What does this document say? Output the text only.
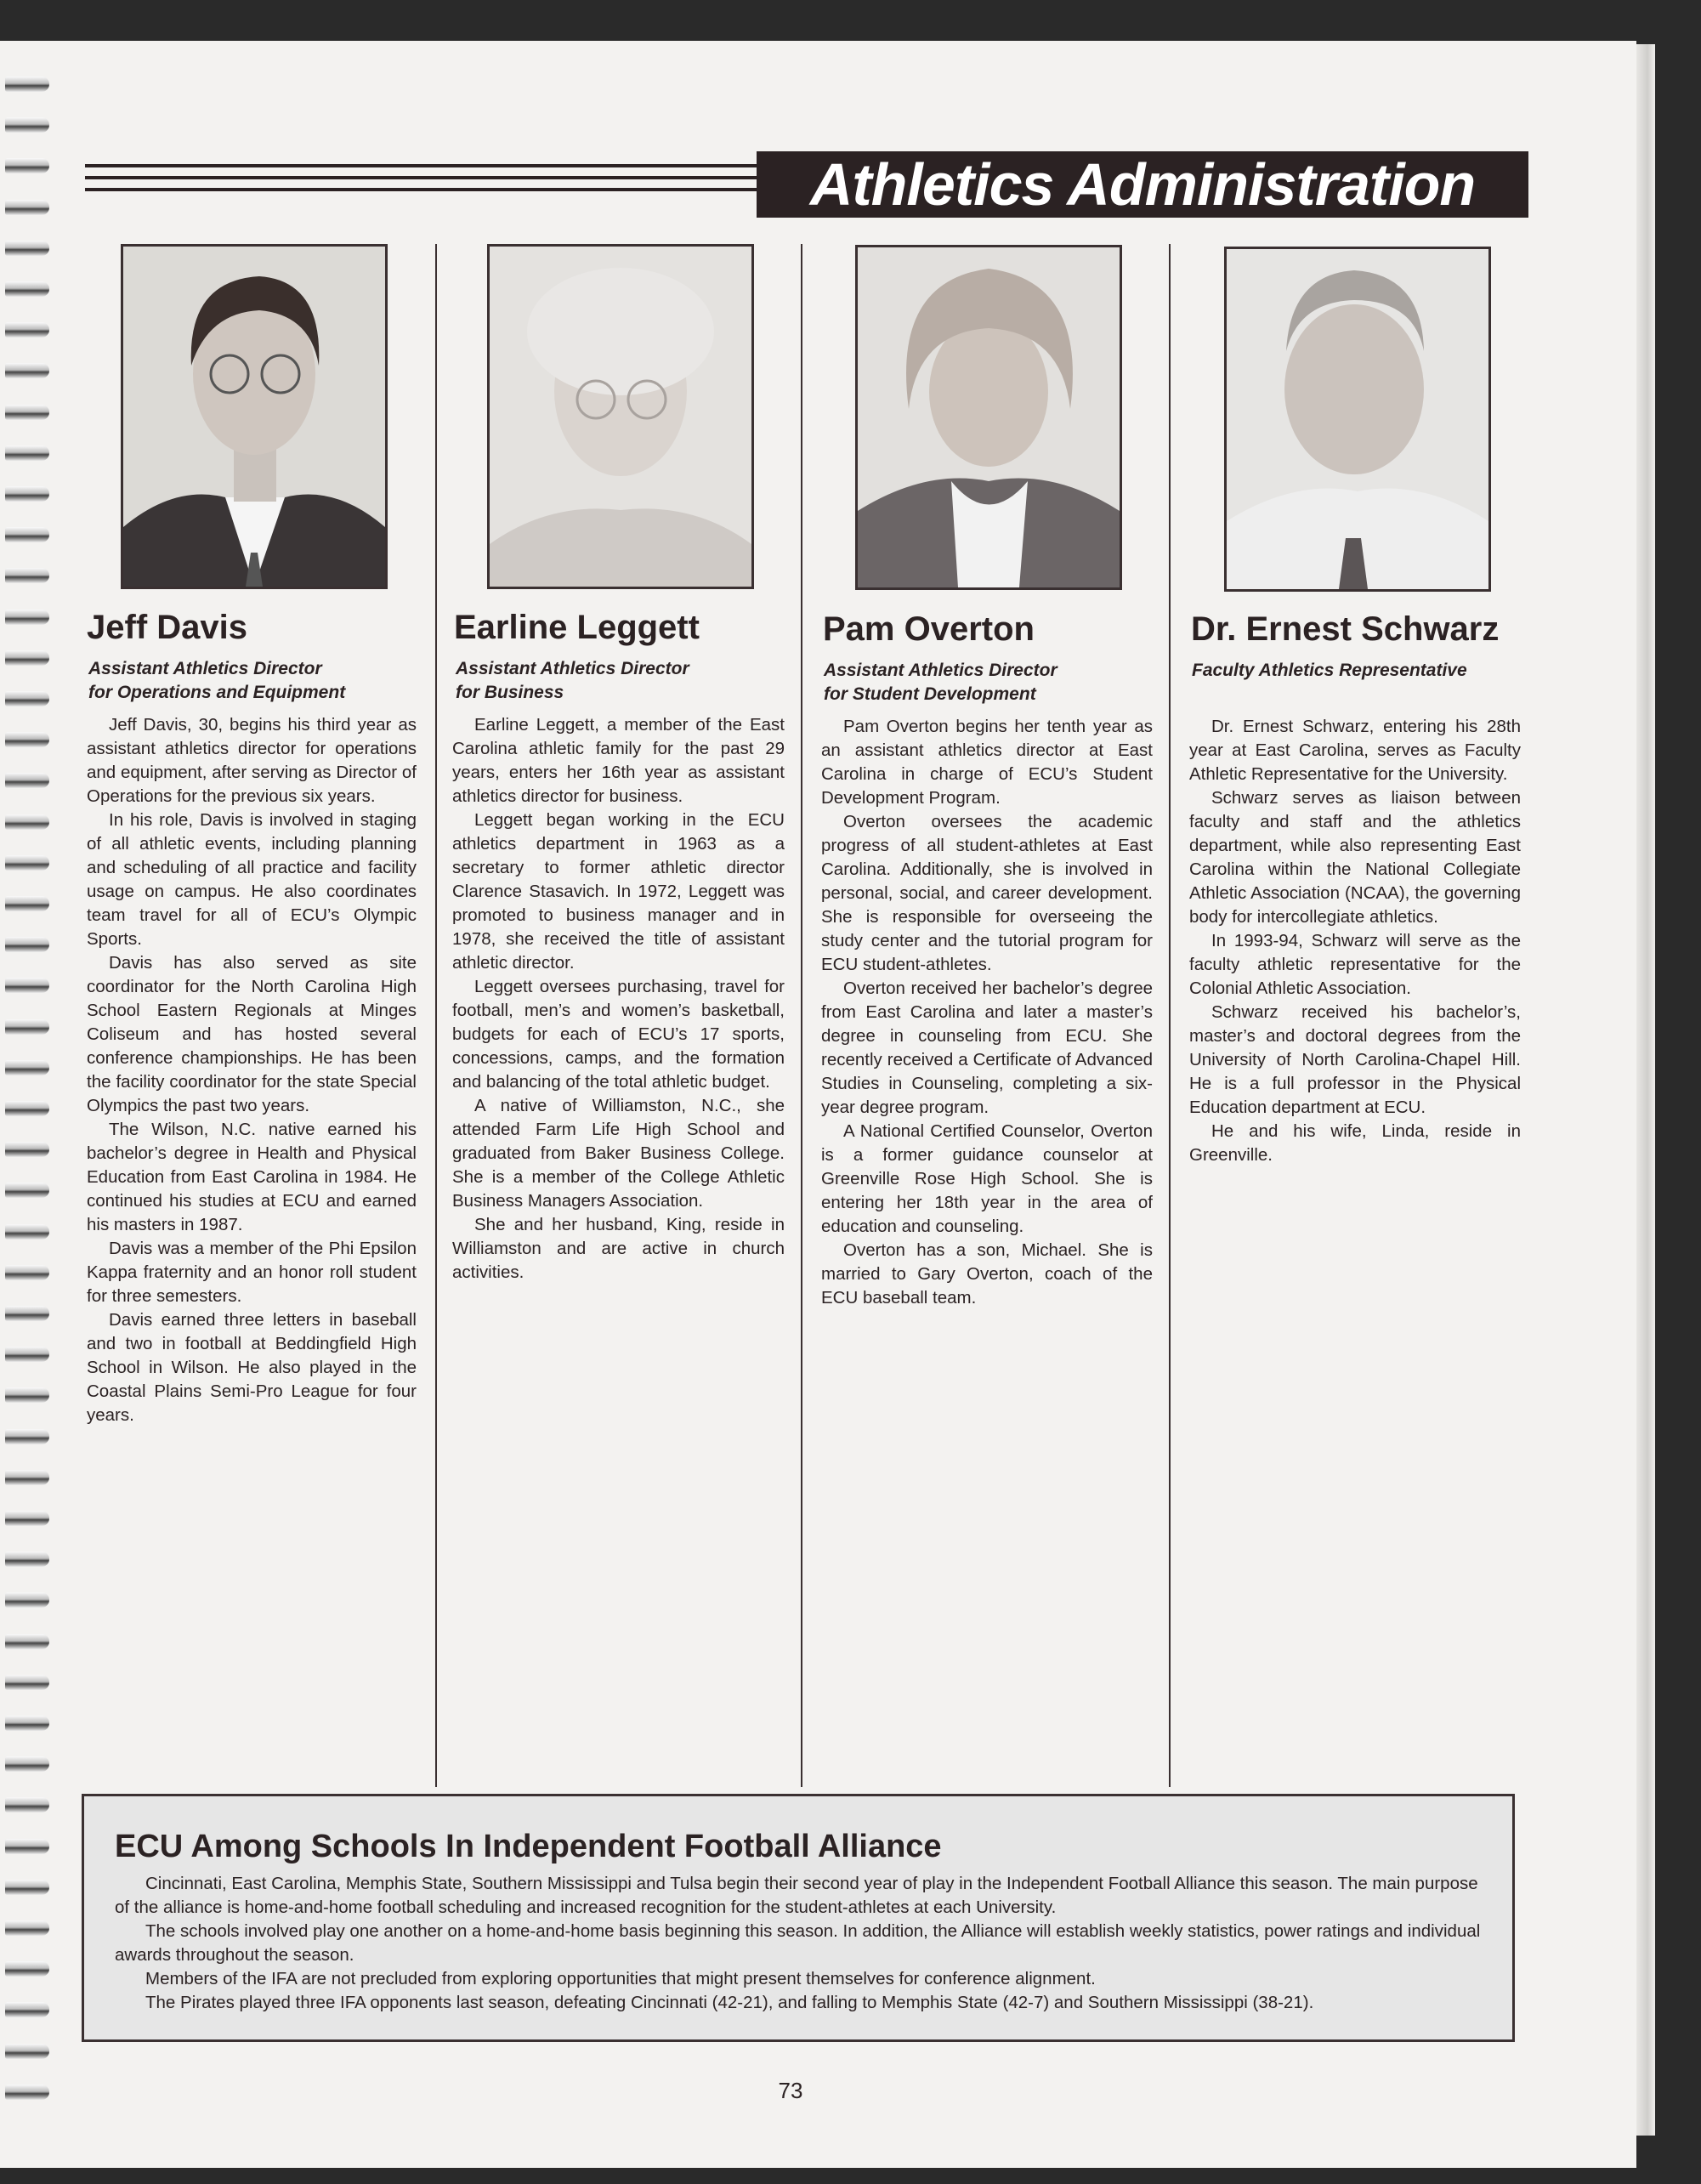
Athletics Administration
Jeff Davis
Assistant Athletics Director
for Operations and Equipment

Jeff Davis, 30, begins his third year as assistant athletics director for operations and equipment, after serving as Director of Operations for the previous six years.

In his role, Davis is involved in staging of all athletic events, including planning and scheduling of all practice and facility usage on campus. He also coordinates team travel for all of ECU’s Olympic Sports.

Davis has also served as site coordinator for the North Carolina High School Eastern Regionals at Minges Coliseum and has hosted several conference championships. He has been the facility coordinator for the state Special Olympics the past two years.

The Wilson, N.C. native earned his bachelor’s degree in Health and Physical Education from East Carolina in 1984. He continued his studies at ECU and earned his masters in 1987.

Davis was a member of the Phi Epsilon Kappa fraternity and an honor roll student for three semesters.

Davis earned three letters in baseball and two in football at Beddingfield High School in Wilson. He also played in the Coastal Plains Semi-Pro League for four years.

Earline Leggett
Assistant Athletics Director
for Business

Earline Leggett, a member of the East Carolina athletic family for the past 29 years, enters her 16th year as assistant athletics director for business.

Leggett began working in the ECU athletics department in 1963 as a secretary to former athletic director Clarence Stasavich. In 1972, Leggett was promoted to business manager and in 1978, she received the title of assistant athletic director.

Leggett oversees purchasing, travel for football, men’s and women’s basketball, budgets for each of ECU’s 17 sports, concessions, camps, and the formation and balancing of the total athletic budget.

A native of Williamston, N.C., she attended Farm Life High School and graduated from Baker Business College. She is a member of the College Athletic Business Managers Association.

She and her husband, King, reside in Williamston and are active in church activities.

Pam Overton
Assistant Athletics Director
for Student Development

Pam Overton begins her tenth year as an assistant athletics director at East Carolina in charge of ECU’s Student Development Program.

Overton oversees the academic progress of all student-athletes at East Carolina. Additionally, she is involved in personal, social, and career development. She is responsible for overseeing the study center and the tutorial program for ECU student-athletes.

Overton received her bachelor’s degree from East Carolina and later a master’s degree in counseling from ECU. She recently received a Certificate of Advanced Studies in Counseling, completing a six-year degree program.

A National Certified Counselor, Overton is a former guidance counselor at Greenville Rose High School. She is entering her 18th year in the area of education and counseling.

Overton has a son, Michael. She is married to Gary Overton, coach of the ECU baseball team.

Dr. Ernest Schwarz
Faculty Athletics Representative

Dr. Ernest Schwarz, entering his 28th year at East Carolina, serves as Faculty Athletic Representative for the University.

Schwarz serves as liaison between faculty and staff and the athletics department, while also representing East Carolina within the National Collegiate Athletic Association (NCAA), the governing body for intercollegiate athletics.

In 1993-94, Schwarz will serve as the faculty athletic representative for the Colonial Athletic Association.

Schwarz received his bachelor’s, master’s and doctoral degrees from the University of North Carolina-Chapel Hill. He is a full professor in the Physical Education department at ECU.

He and his wife, Linda, reside in Greenville.

ECU Among Schools In Independent Football Alliance

Cincinnati, East Carolina, Memphis State, Southern Mississippi and Tulsa begin their second year of play in the Independent Football Alliance this season. The main purpose of the alliance is home-and-home football scheduling and increased recognition for the student-athletes at each University.

The schools involved play one another on a home-and-home basis beginning this season. In addition, the Alliance will establish weekly statistics, power ratings and individual awards throughout the season.

Members of the IFA are not precluded from exploring opportunities that might present themselves for conference alignment.

The Pirates played three IFA opponents last season, defeating Cincinnati (42-21), and falling to Memphis State (42-7) and Southern Mississippi (38-21).

73
